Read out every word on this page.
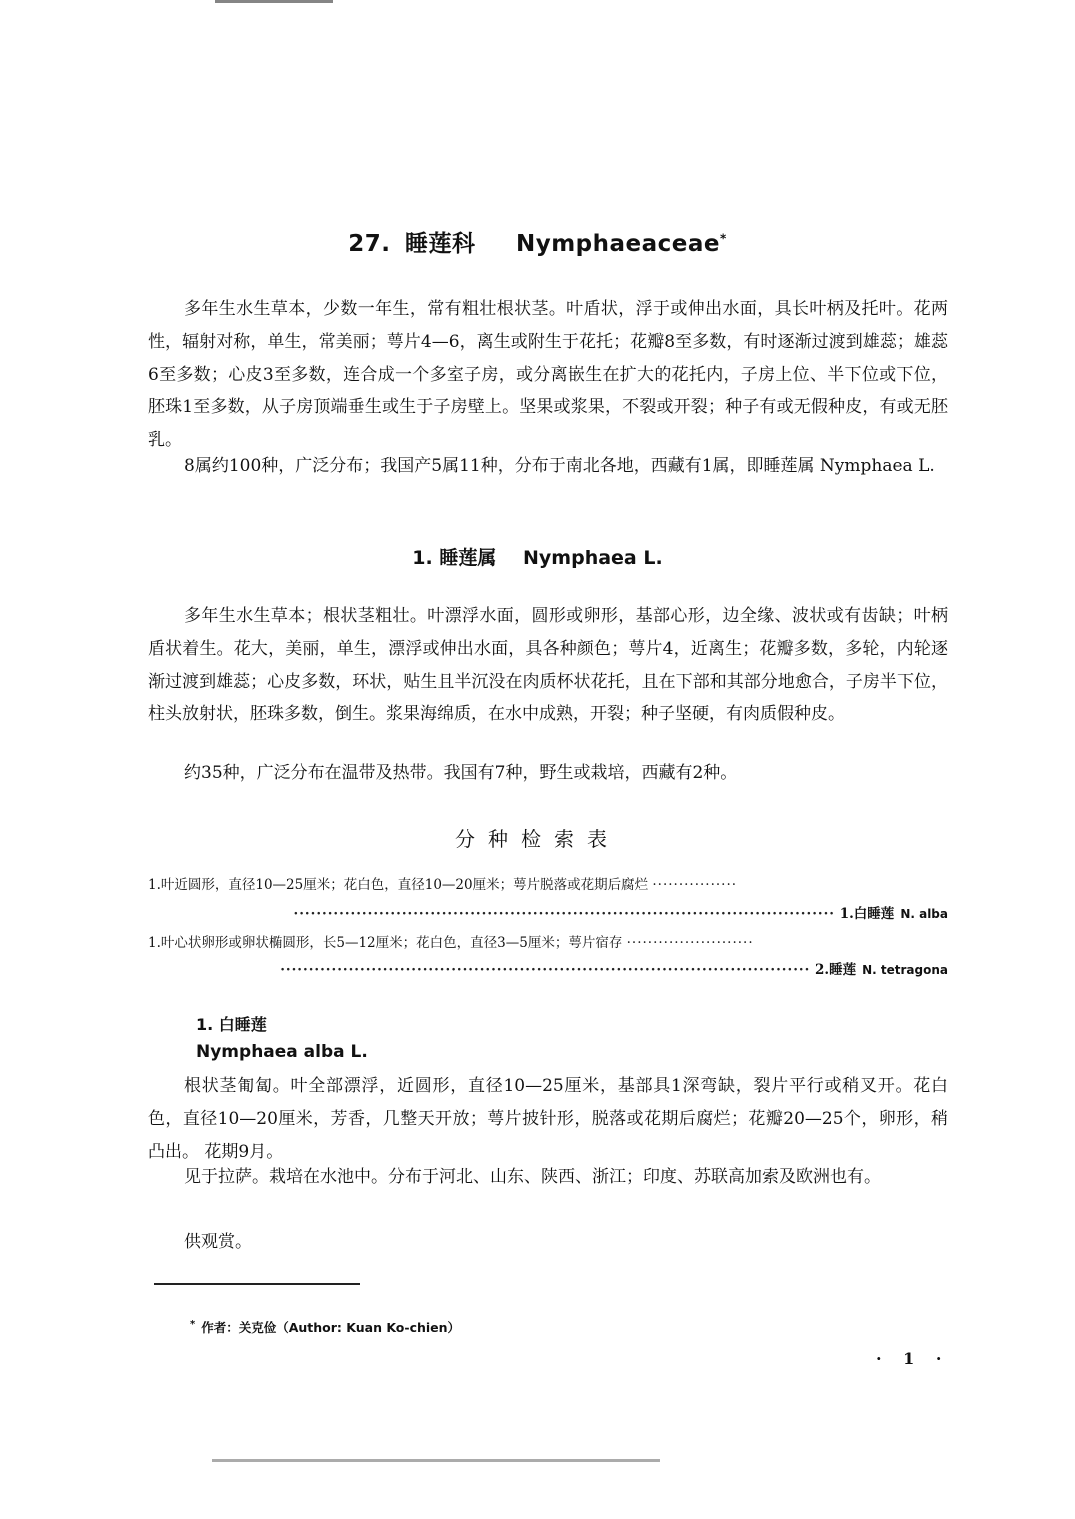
27. 睡莲科 Nymphaeaceae*
多年生水生草本，少数一年生，常有粗壮根状茎。叶盾状，浮于或伸出水面，具长叶柄及托叶。花两性，辐射对称，单生，常美丽；萼片4—6，离生或附生于花托；花瓣8至多数，有时逐渐过渡到雄蕊；雄蕊6至多数；心皮3至多数，连合成一个多室子房，或分离嵌生在扩大的花托内，子房上位、半下位或下位，胚珠1至多数，从子房顶端垂生或生于子房壁上。坚果或浆果，不裂或开裂；种子有或无假种皮，有或无胚乳。
8属约100种，广泛分布；我国产5属11种，分布于南北各地，西藏有1属，即睡莲属 Nymphaea L.
1. 睡莲属 Nymphaea L.
多年生水生草本；根状茎粗壮。叶漂浮水面，圆形或卵形，基部心形，边全缘、波状或有齿缺；叶柄盾状着生。花大，美丽，单生，漂浮或伸出水面，具各种颜色；萼片4，近离生；花瓣多数，多轮，内轮逐渐过渡到雄蕊；心皮多数，环状，贴生且半沉没在肉质杯状花托，且在下部和其部分地愈合，子房半下位，柱头放射状，胚珠多数，倒生。浆果海绵质，在水中成熟，开裂；种子坚硬，有肉质假种皮。
约35种，广泛分布在温带及热带。我国有7种，野生或栽培，西藏有2种。
分种检索表
1.叶近圆形，直径10—25厘米；花白色，直径10—20厘米；萼片脱落或花期后腐烂 ················
······························································································· 1.白睡莲 N. alba
1.叶心状卵形或卵状椭圆形，长5—12厘米；花白色，直径3—5厘米；萼片宿存 ························
····························································································· 2.睡莲 N. tetragona
1. 白睡莲
Nymphaea alba L.
根状茎匍匐。叶全部漂浮，近圆形，直径10—25厘米，基部具1深弯缺，裂片平行或稍叉开。花白色，直径10—20厘米，芳香，几整天开放；萼片披针形，脱落或花期后腐烂；花瓣20—25个，卵形，稍凸出。 花期9月。
见于拉萨。栽培在水池中。分布于河北、山东、陕西、浙江；印度、苏联高加索及欧洲也有。
供观赏。
* 作者：关克俭（Author: Kuan Ko-chien）
· 1 ·
